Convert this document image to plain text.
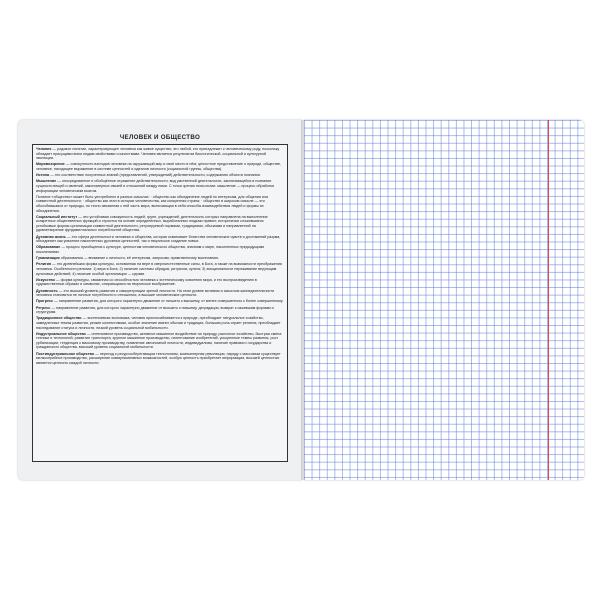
ЧЕЛОВЕК И ОБЩЕСТВО
Человек — родовое понятие, характеризующее человека как живое существо; это любой, кто принадлежит к человеческому роду, поскольку обладает присущими всем людям свойствами и качествами. Человек является результатом биологической, социальной и культурной эволюции.
Мировоззрение — совокупность взглядов человека на окружающий мир и своё место в нём; целостное представление о природе, обществе, человеке, находящее выражение в системе ценностей и идеалов личности (социальной группы, общества).
Истина — это соответствие полученных знаний (представлений, утверждений) действительности, содержанию объекта познания.
Мышление — опосредованное и обобщённое отражение действительности, вид умственной деятельности, заключающейся в познании сущности вещей и явлений, закономерных связей и отношений между ними. С точки зрения психологии: мышление — процесс обработки информации человеческим мозгом.
Понятие «общество» может быть употреблено в разных смыслах: · общество как объединение людей по интересам, для общения или совместной деятельности; · общество как этап в истории человечества, как конкретная страна; · общество в широком смысле — это обособившаяся от природы, но тесно связанная с ней часть мира, включающая в себя способы взаимодействия людей и формы их объединения.
Социальный институт — это устойчивая совокупность людей, групп, учреждений, деятельность которых направлена на выполнение конкретных общественных функций и строится на основе определённых, выработанных людьми правил; исторически сложившиеся устойчивые формы организации совместной деятельности, регулируемой нормами, традициями, обычаями и направленной на удовлетворение фундаментальных потребностей общества.
Духовная жизнь — это сфера деятельности человека и общества, которая охватывает богатства человеческих чувств и достижений разума, объединяет как усвоение накопленных духовных ценностей, так и творческое создание новых.
Образование — процесс приобщения к культуре, ценностям человеческого общества, знаниям о мире, накопленных предыдущими поколениями.
Гуманизация образования — внимание к личности, её интересам, запросам; нравственному воспитанию.
Религия — это древнейшая форма культуры, основанная на вере в сверхъестественные силы, в Бога, а также на возможности преображения человека. Особенности религии: 1) вера в Бога; 2) наличие системы обрядов, ритуалов, культа; 3) эмоциональное переживание верующим культовых действий; 4) наличие особой организации — церкви.
Искусство — форма культуры, связанная со способностью человека к эстетическому освоению мира, и его воспроизведению в художественных образах и символах, опирающаяся на творческое воображение.
Духовность — это высший уровень развития и саморегуляции зрелой личности. На этом уровне мотивом и смыслом жизнедеятельности человека становятся не личные потребности и отношения, а высшие человеческие ценности.
Прогресс — направление развития, для которого характерно движение от низшего к высшему, от менее совершенного к более совершенному.
Регресс — направление развития, для которого характерно движение от высшего к низшему, деградация, возврат к изжившим формам и структурам.
Традиционное общество — экстенсивная экономика, человек приспосабливается к природе, преобладает натуральное хозяйство, замедленные темпы развития, резкие коллективизм, особое значение имеют обычаи и традиции, большая роль играет религия, преобладает наследование статуса и личности, низкий уровень социальной мобильности.
Индустриальное общество — интенсивное производство, активное машинное воздействие на природу, рыночное хозяйство, быстрая смена техники и технологий, развитие транспорта, крупное машинное производство, патентование изобретений, ускоренные темпы развития, рост урбанизации, тенденция к массовому производству, появление автономной личности, индивидуализм, наличие правового государства и гражданского общества, высокий уровень социальной мобильности.
Постиндустриальное общество — переход к ресурсосберегающим технологиям, компьютерная революция, наряду с массовым существует мелкосерийное производство, расширение коммуникативных возможностей, особую ценность приобретает информация, высшей ценностью является ценность каждой личности.
